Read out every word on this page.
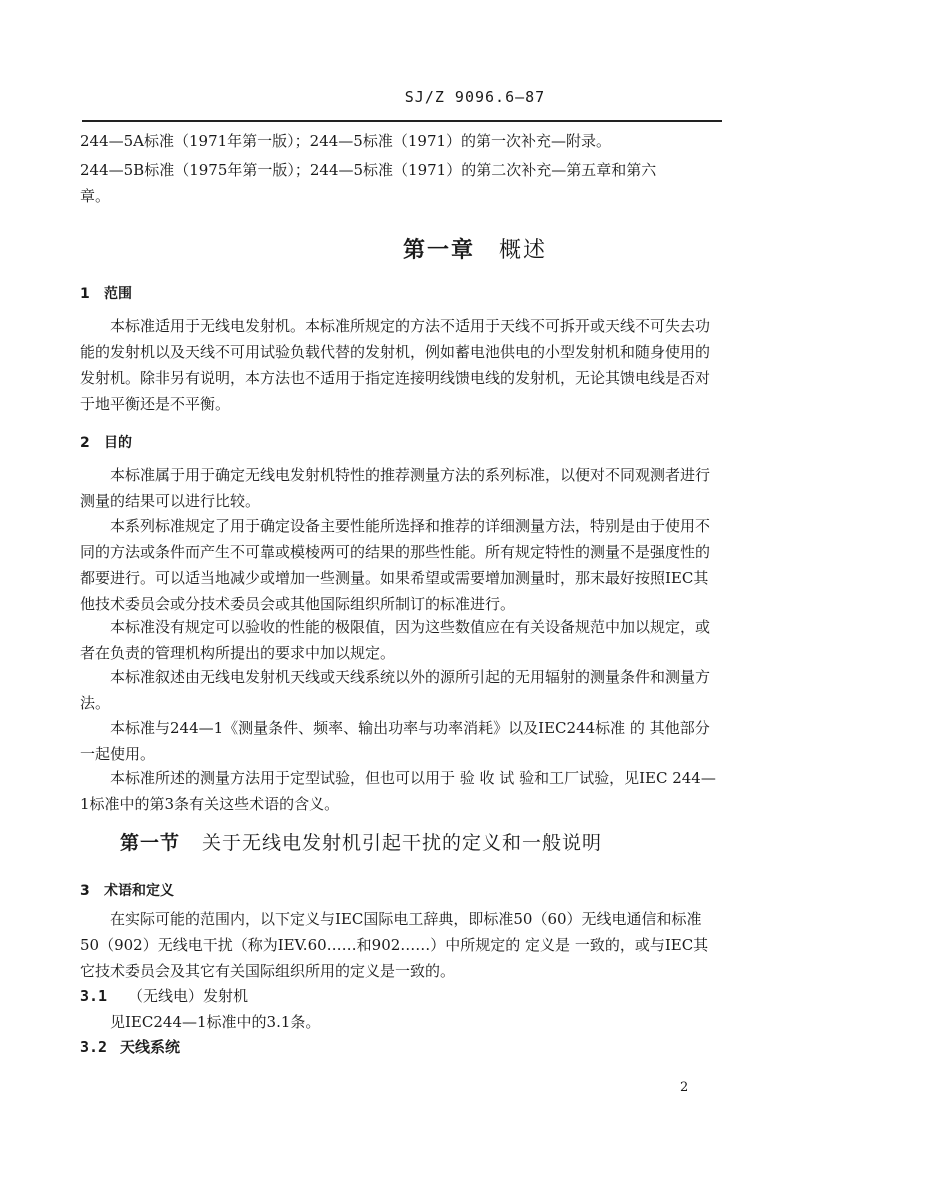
SJ/Z 9096.6—87
244—5A标准（1971年第一版）；244—5标准（1971）的第一次补充—附录。
244—5B标准（1975年第一版）；244—5标准（1971）的第二次补充—第五章和第六
章。
第一章 概述
1 范围
本标准适用于无线电发射机。本标准所规定的方法不适用于天线不可拆开或天线不可失去功能的发射机以及天线不可用试验负载代替的发射机，例如蓄电池供电的小型发射机和随身使用的发射机。除非另有说明，本方法也不适用于指定连接明线馈电线的发射机，无论其馈电线是否对于地平衡还是不平衡。
2 目的
本标准属于用于确定无线电发射机特性的推荐测量方法的系列标准，以便对不同观测者进行测量的结果可以进行比较。
本系列标准规定了用于确定设备主要性能所选择和推荐的详细测量方法，特别是由于使用不同的方法或条件而产生不可靠或模棱两可的结果的那些性能。所有规定特性的测量不是强度性的都要进行。可以适当地减少或增加一些测量。如果希望或需要增加测量时，那末最好按照IEC其他技术委员会或分技术委员会或其他国际组织所制订的标准进行。
本标准没有规定可以验收的性能的极限值，因为这些数值应在有关设备规范中加以规定，或者在负责的管理机构所提出的要求中加以规定。
本标准叙述由无线电发射机天线或天线系统以外的源所引起的无用辐射的测量条件和测量方法。
本标准与244—1《测量条件、频率、输出功率与功率消耗》以及IEC244标准 的 其他部分一起使用。
本标准所述的测量方法用于定型试验，但也可以用于 验 收 试 验和工厂试验，见IEC 244—1标准中的第3条有关这些术语的含义。
第一节 关于无线电发射机引起干扰的定义和一般说明
3 术语和定义
在实际可能的范围内，以下定义与IEC国际电工辞典，即标准50（60）无线电通信和标准50（902）无线电干扰（称为IEV.60……和902……）中所规定的 定义是 一致的，或与IEC其它技术委员会及其它有关国际组织所用的定义是一致的。
3.1 （无线电）发射机
见IEC244—1标准中的3.1条。
3.2 天线系统
2
